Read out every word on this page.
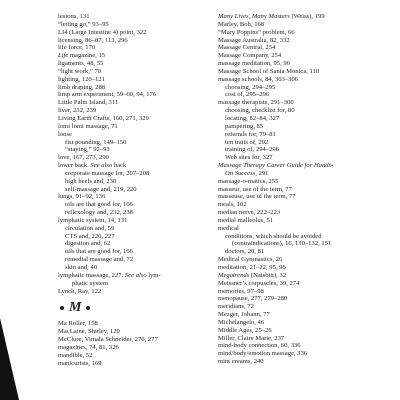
lesions, 131
“letting go,” 93–95
LI4 (Large Intestine 4) point, 322
licensing, 86–87, 113, 296
life force, 170
Life magazine, 15
ligaments, 48, 55
“light work,” 70
lighting, 120–121
limb draping, 288
limp arm experiment, 59–60, 94, 176
Little Palm Island, 311
liver, 232, 239
Living Earth Crafts, 160, 271, 329
lomi lomi massage, 71
loose
fist pounding, 149–150
“staying,” 92–93
love, 167, 273, 290
lower back. See also back
corporate massage for, 207–208
high heels and, 230
self-massage and, 219, 220
lungs, 91–92, 136
oils are that good for, 166
reflexology and, 232, 238
lymphatic system, 14, 131
circulation and, 59
CTS and, 226, 227
digestion and, 62
oils that are good for, 166
remedial massage and, 72
skin and, 40
lymphatic massage, 227. See also lym-
phatic system
Lynch, Ray, 122
M
Ma Roller, 158
MacLaine, Shirley, 120
McClure, Vimala Schneider, 276, 277
magazines, 74, 81, 326
mandible, 52
manicurists, 169
Many Lives, Many Masters (Weiss), 199
Marley, Bob, 168
“Mary Poppins” problem, 66
Massage Australia, 82, 332
Massage Central, 254
Massage Company, 254
massage meditation, 95, 96
Massage School of Santa Monica, 110
massage schools, 84, 303–306
choosing, 294–295
cost of, 295–296
massage therapists, 291–300
choosing, checklist for, 80
locating, 82–84, 327
pampering, 85
referrals for, 79–81
ten traits of, 292
training of, 294–296
Web sites for, 327
Massage Therapy Career Guide for Hands-
On Success, 291
massage-o-matics, 255
masseur, use of the term, 77
masseuse, use of the term, 77
meals, 102
median nerve, 222–223
medial malleolus, 51
medical
conditions, which should be avoided
(contraindications), 16, 130–132, 151
doctors, 20, 81
Medical Gymnastics, 26
meditation, 21–22, 95, 96
Megatrends (Naisbitt), 32
Meissner’s corpuscles, 39, 274
memories, 97–98
menopause, 277, 279–280
meridians, 72
Mezger, Johann, 77
Michelangelo, 46
Middle Ages, 25–26
Miller, Claire Marie, 237
mind-body connection, 60, 336
mind/body/emotion massage, 336
mint creams, 240
